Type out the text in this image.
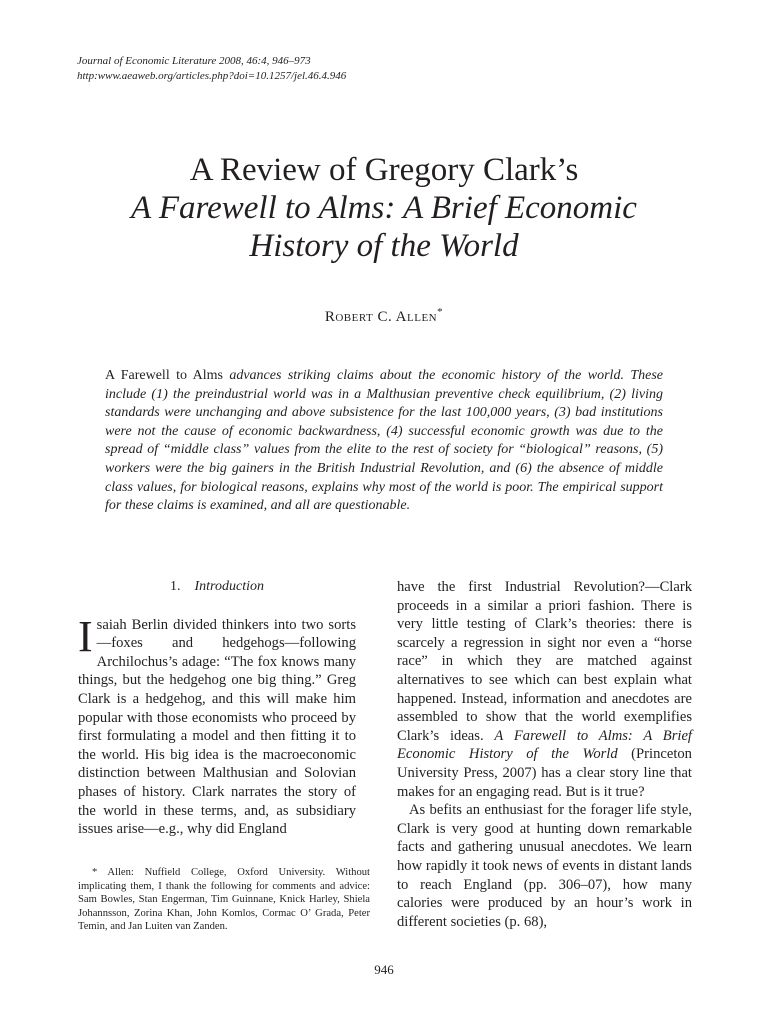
Journal of Economic Literature 2008, 46:4, 946–973
http:www.aeaweb.org/articles.php?doi=10.1257/jel.46.4.946
A Review of Gregory Clark’s
A Farewell to Alms: A Brief Economic
History of the World
Robert C. Allen*
A Farewell to Alms advances striking claims about the economic history of the world. These include (1) the preindustrial world was in a Malthusian preventive check equilibrium, (2) living standards were unchanging and above subsistence for the last 100,000 years, (3) bad institutions were not the cause of economic backwardness, (4) successful economic growth was due to the spread of “middle class” values from the elite to the rest of society for “biological” reasons, (5) workers were the big gainers in the British Industrial Revolution, and (6) the absence of middle class values, for biological reasons, explains why most of the world is poor. The empirical support for these claims is examined, and all are questionable.
1. Introduction

Isaiah Berlin divided thinkers into two sorts—foxes and hedgehogs—following Archilochus’s adage: “The fox knows many things, but the hedgehog one big thing.” Greg Clark is a hedgehog, and this will make him popular with those economists who proceed by first formulating a model and then fitting it to the world. His big idea is the macroeconomic distinction between Malthusian and Solovian phases of history. Clark narrates the story of the world in these terms, and, as subsidiary issues arise—e.g., why did England

have the first Industrial Revolution?—Clark proceeds in a similar a priori fashion. There is very little testing of Clark’s theories: there is scarcely a regression in sight nor even a “horse race” in which they are matched against alternatives to see which can best explain what happened. Instead, information and anecdotes are assembled to show that the world exemplifies Clark’s ideas. A Farewell to Alms: A Brief Economic History of the World (Princeton University Press, 2007) has a clear story line that makes for an engaging read. But is it true?

As befits an enthusiast for the forager life style, Clark is very good at hunting down remarkable facts and gathering unusual anecdotes. We learn how rapidly it took news of events in distant lands to reach England (pp. 306–07), how many calories were produced by an hour’s work in different societies (p. 68),

* Allen: Nuffield College, Oxford University. Without implicating them, I thank the following for comments and advice: Sam Bowles, Stan Engerman, Tim Guinnane, Knick Harley, Shiela Johannsson, Zorina Khan, John Komlos, Cormac O’ Grada, Peter Temin, and Jan Luiten van Zanden.
946
